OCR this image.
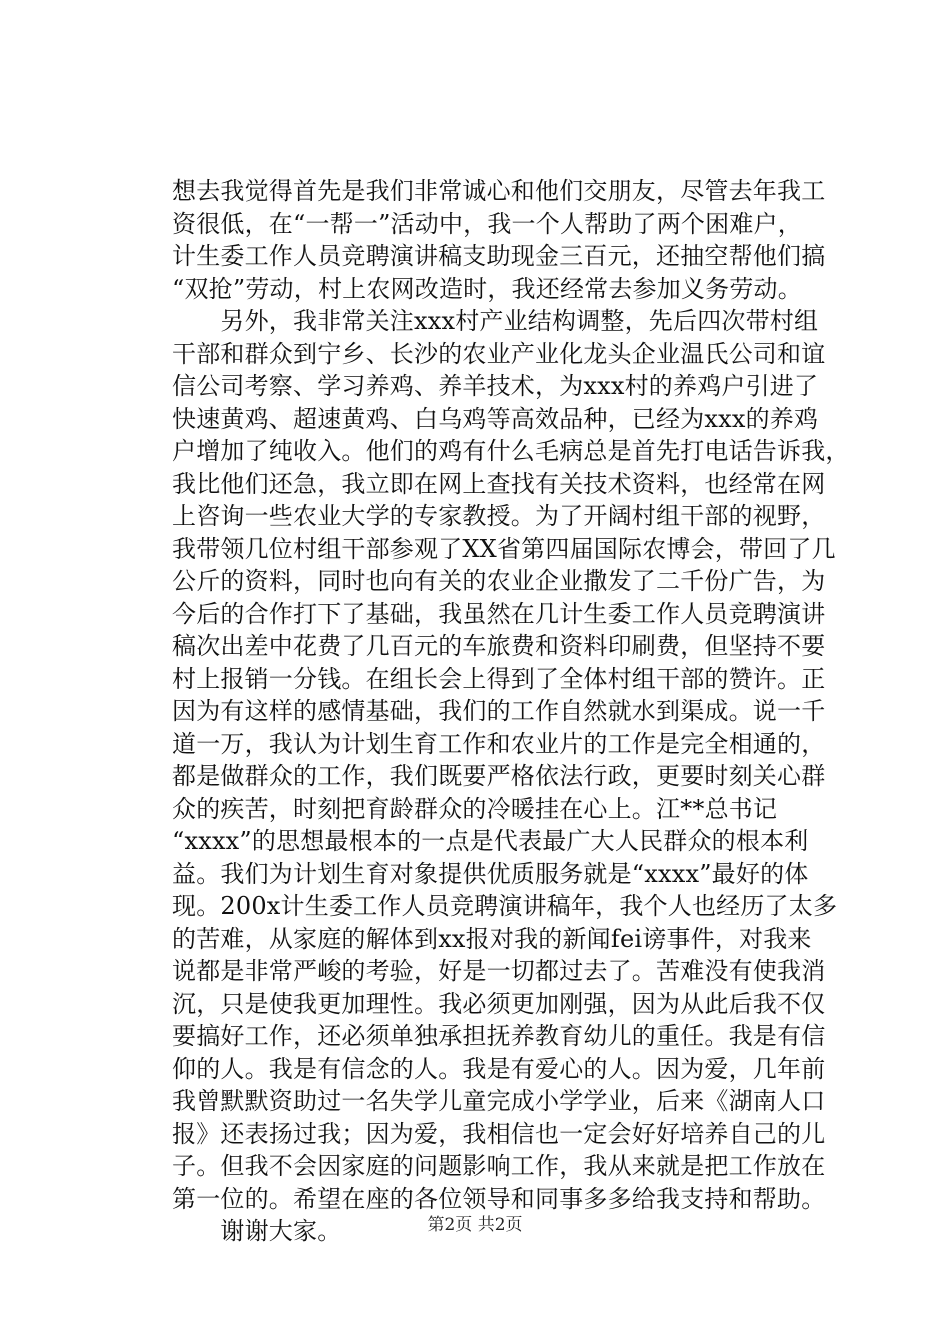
想去我觉得首先是我们非常诚心和他们交朋友，尽管去年我工
资很低，在“一帮一”活动中，我一个人帮助了两个困难户，
计生委工作人员竞聘演讲稿支助现金三百元，还抽空帮他们搞
“双抢”劳动，村上农网改造时，我还经常去参加义务劳动。
　　另外，我非常关注xxx村产业结构调整，先后四次带村组
干部和群众到宁乡、长沙的农业产业化龙头企业温氏公司和谊
信公司考察、学习养鸡、养羊技术，为xxx村的养鸡户引进了
快速黄鸡、超速黄鸡、白乌鸡等高效品种，已经为xxx的养鸡
户增加了纯收入。他们的鸡有什么毛病总是首先打电话告诉我，
我比他们还急，我立即在网上查找有关技术资料，也经常在网
上咨询一些农业大学的专家教授。为了开阔村组干部的视野，
我带领几位村组干部参观了XX省第四届国际农博会，带回了几
公斤的资料，同时也向有关的农业企业撒发了二千份广告，为
今后的合作打下了基础，我虽然在几计生委工作人员竞聘演讲
稿次出差中花费了几百元的车旅费和资料印刷费，但坚持不要
村上报销一分钱。在组长会上得到了全体村组干部的赞许。正
因为有这样的感情基础，我们的工作自然就水到渠成。说一千
道一万，我认为计划生育工作和农业片的工作是完全相通的，
都是做群众的工作，我们既要严格依法行政，更要时刻关心群
众的疾苦，时刻把育龄群众的冷暖挂在心上。江**总书记
“xxxx”的思想最根本的一点是代表最广大人民群众的根本利
益。我们为计划生育对象提供优质服务就是“xxxx”最好的体
现。200x计生委工作人员竞聘演讲稿年，我个人也经历了太多
的苦难，从家庭的解体到xx报对我的新闻fei谤事件，对我来
说都是非常严峻的考验，好是一切都过去了。苦难没有使我消
沉，只是使我更加理性。我必须更加刚强，因为从此后我不仅
要搞好工作，还必须单独承担抚养教育幼儿的重任。我是有信
仰的人。我是有信念的人。我是有爱心的人。因为爱，几年前
我曾默默资助过一名失学儿童完成小学学业，后来《湖南人口
报》还表扬过我；因为爱，我相信也一定会好好培养自己的儿
子。但我不会因家庭的问题影响工作，我从来就是把工作放在
第一位的。希望在座的各位领导和同事多多给我支持和帮助。
　　谢谢大家。	第2页 共2页
